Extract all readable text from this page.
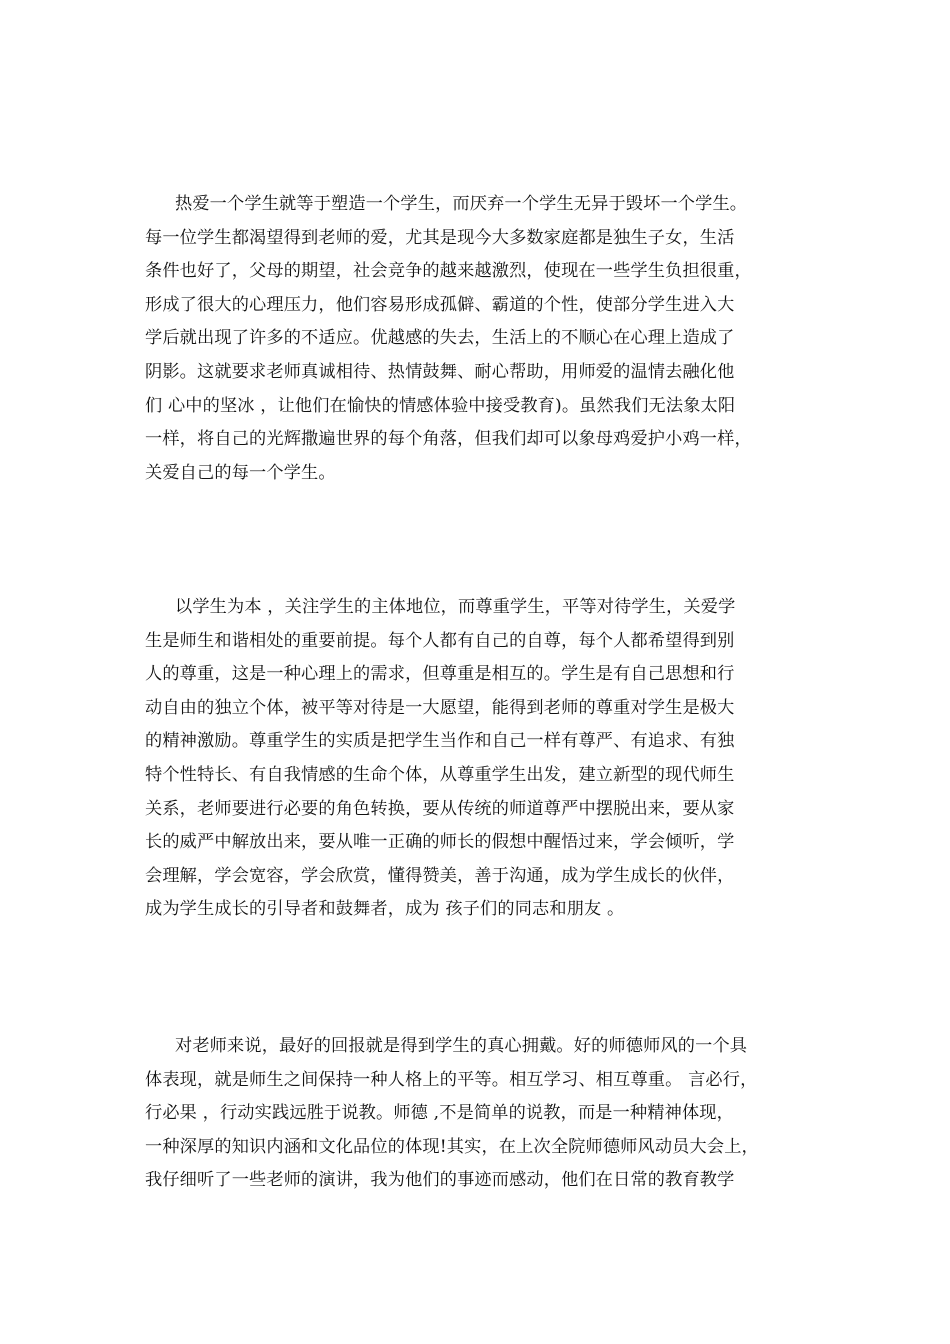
热爱一个学生就等于塑造一个学生，而厌弃一个学生无异于毁坏一个学生。
每一位学生都渴望得到老师的爱，尤其是现今大多数家庭都是独生子女，生活
条件也好了，父母的期望，社会竞争的越来越激烈，使现在一些学生负担很重，
形成了很大的心理压力，他们容易形成孤僻、霸道的个性，使部分学生进入大
学后就出现了许多的不适应。优越感的失去，生活上的不顺心在心理上造成了
阴影。这就要求老师真诚相待、热情鼓舞、耐心帮助，用师爱的温情去融化他
们 心中的坚冰 ，让他们在愉快的情感体验中接受教育)。虽然我们无法象太阳
一样，将自己的光辉撒遍世界的每个角落，但我们却可以象母鸡爱护小鸡一样，
关爱自己的每一个学生。
以学生为本 ，关注学生的主体地位，而尊重学生，平等对待学生，关爱学
生是师生和谐相处的重要前提。每个人都有自己的自尊，每个人都希望得到别
人的尊重，这是一种心理上的需求，但尊重是相互的。学生是有自己思想和行
动自由的独立个体，被平等对待是一大愿望，能得到老师的尊重对学生是极大
的精神激励。尊重学生的实质是把学生当作和自己一样有尊严、有追求、有独
特个性特长、有自我情感的生命个体，从尊重学生出发，建立新型的现代师生
关系，老师要进行必要的角色转换，要从传统的师道尊严中摆脱出来，要从家
长的威严中解放出来，要从唯一正确的师长的假想中醒悟过来，学会倾听，学
会理解，学会宽容，学会欣赏，懂得赞美，善于沟通，成为学生成长的伙伴，
成为学生成长的引导者和鼓舞者，成为 孩子们的同志和朋友 。
对老师来说，最好的回报就是得到学生的真心拥戴。好的师德师风的一个具
体表现，就是师生之间保持一种人格上的平等。相互学习、相互尊重。 言必行，
行必果 ，行动实践远胜于说教。师德 ,不是简单的说教，而是一种精神体现，
一种深厚的知识内涵和文化品位的体现!其实，在上次全院师德师风动员大会上，
我仔细听了一些老师的演讲，我为他们的事迹而感动，他们在日常的教育教学
